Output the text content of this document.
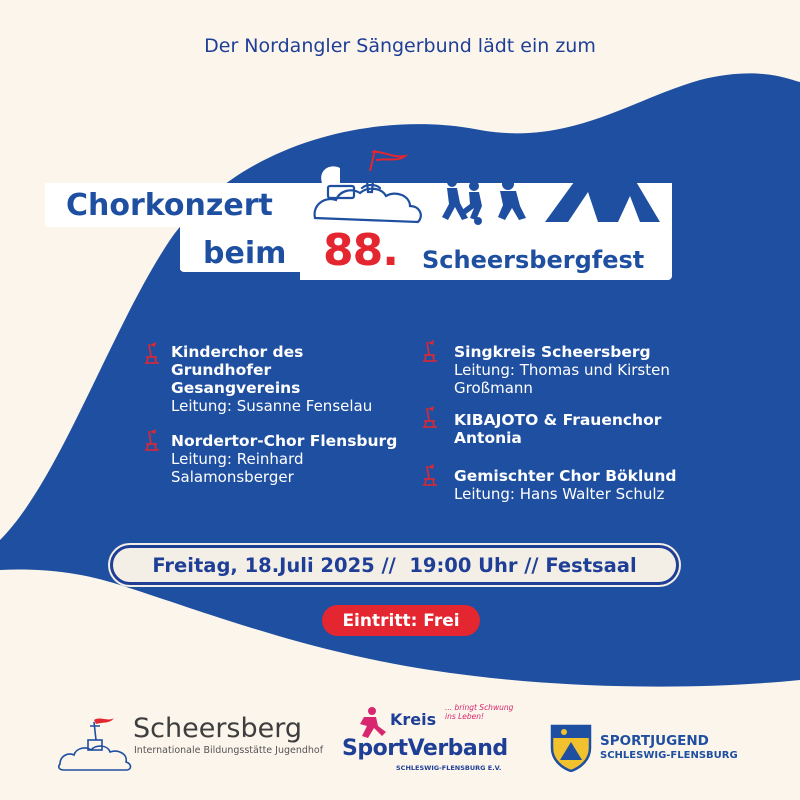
Der Nordangler Sängerbund lädt ein zum
Chorkonzert
beim 88. Scheersbergfest
Kinderchor des Grundhofer Gesangvereins
Leitung: Susanne Fenselau
Nordertor-Chor Flensburg
Leitung: Reinhard Salamonsberger
Singkreis Scheersberg
Leitung: Thomas und Kirsten Großmann
KIBAJOTO & Frauenchor Antonia
Gemischter Chor Böklund
Leitung: Hans Walter Schulz
Freitag, 18.Juli 2025 //  19:00 Uhr // Festsaal
Eintritt: Frei
Scheersberg
Internationale Bildungsstätte Jugendhof
Kreis
... bringt Schwung ins Leben!
SportVerband
SCHLESWIG-FLENSBURG E.V.
SPORTJUGEND
SCHLESWIG-FLENSBURG
